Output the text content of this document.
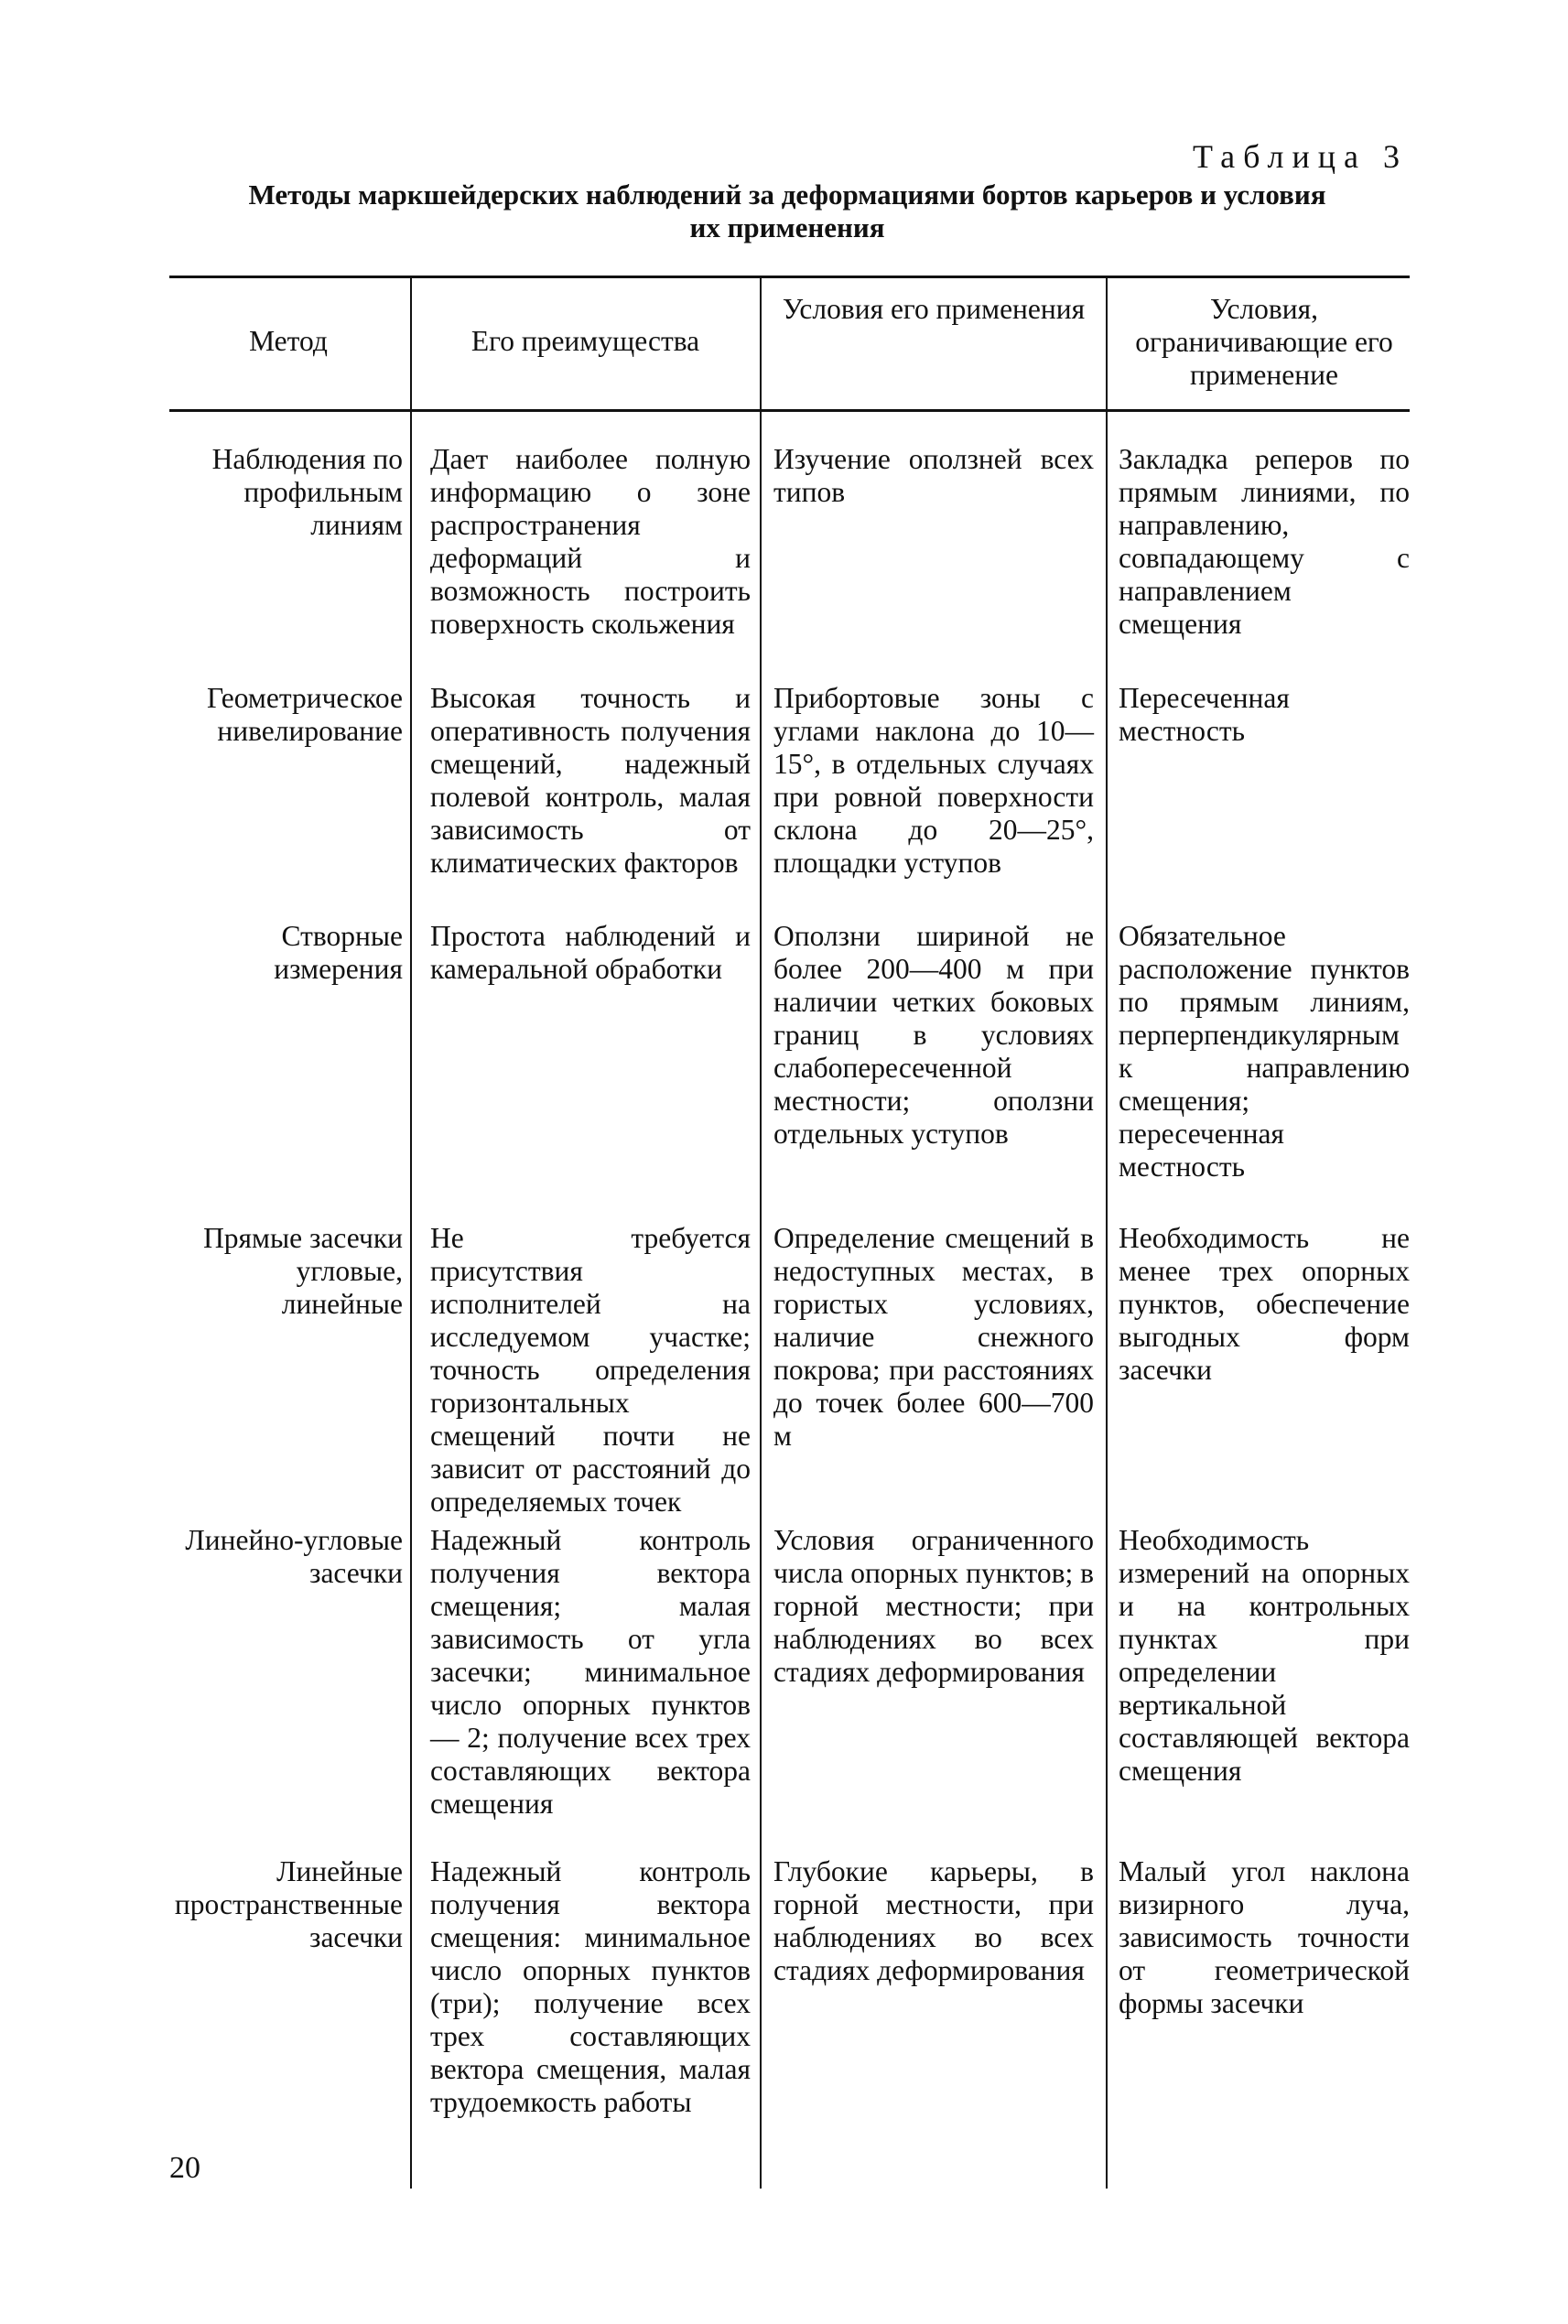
Таблица 3
Методы маркшейдерских наблюдений за деформациями бортов карьеров и условия
их применения
Метод	Его преимущества
Условия его применения	Условия, ограничивающие его применение
Наблюдения по профильным линиям
Дает наиболее полную информацию о зоне распространения деформаций и возможность построить поверхность скольжения
Изучение оползней всех типов
Закладка реперов по прямым линиями, по направлению, совпадающему с направлением смещения
Геометрическое нивелирование
Высокая точность и оперативность получения смещений, надежный полевой контроль, малая зависимость от климатических факторов
Прибортовые зоны с углами наклона до 10—15°, в отдельных случаях при ровной поверхности склона до 20—25°, площадки уступов
Пересеченная местность
Створные измерения
Простота наблюдений и камеральной обработки
Оползни шириной не более 200—400 м при наличии четких боковых границ в условиях слабопересеченной местности; оползни отдельных уступов
Обязательное расположение пунктов по прямым линиям, перперпендикулярным к направлению смещения; пересеченная местность
Прямые засечки угловые, линейные
Не требуется присутствия исполнителей на исследуемом участке; точность определения горизонтальных смещений почти не зависит от расстояний до определяемых точек
Определение смещений в недоступных местах, в гористых условиях, наличие снежного покрова; при расстояниях до точек более 600—700 м
Необходимость не менее трех опорных пунктов, обеспечение выгодных форм засечки
Линейно-угловые засечки
Надежный контроль получения вектора смещения; малая зависимость от угла засечки; минимальное число опорных пунктов — 2; получение всех трех составляющих вектора смещения
Условия ограниченного числа опорных пунктов; в горной местности; при наблюдениях во всех стадиях деформирования
Необходимость измерений на опорных и на контрольных пунктах при определении вертикальной составляющей вектора смещения
Линейные пространственные засечки
Надежный контроль получения вектора смещения: минимальное число опорных пунктов (три); получение всех трех составляющих вектора смещения, малая трудоемкость работы
Глубокие карьеры, в горной местности, при наблюдениях во всех стадиях деформирования
Малый угол наклона визирного луча, зависимость точности от геометрической формы засечки
20
